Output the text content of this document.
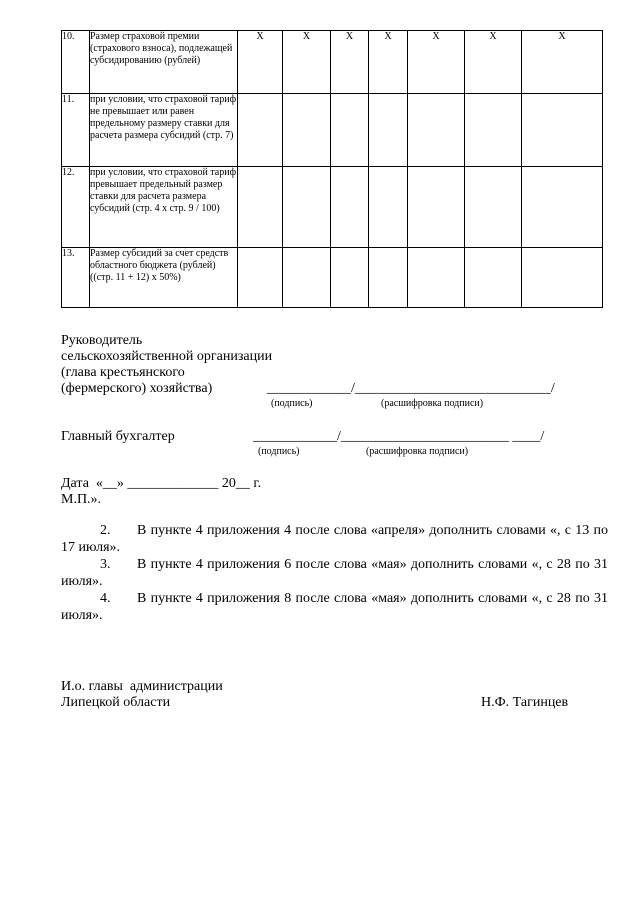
10.	Размер страховой премии (страхового взноса), подлежащей субсидированию (рублей)	Х	Х	Х	Х	Х	Х	Х
11.	при условии, что страховой тариф не превышает или равен предельному размеру ставки для расчета размера субсидий (стр. 7)							
12.	при условии, что страховой тариф превышает предельный размер ставки для расчета размера субсидий (стр. 4 х стр. 9 / 100)							
13.	Размер субсидий за счет средств областного бюджета (рублей) ((стр. 11 + 12) х 50%)							
Руководитель
сельскохозяйственной организации
(глава крестьянского
(фермерского) хозяйства)	____________/____________________________/
(подпись)	(расшифровка подписи)
Главный бухгалтер	____________/________________________ ____/
(подпись)	(расшифровка подписи)
Дата  «__» _____________ 20__ г.
М.П.».
2. В пункте 4 приложения 4 после слова «апреля» дополнить словами «, с 13 по 17 июля».
3. В пункте 4 приложения 6 после слова «мая» дополнить словами «, с 28 по 31 июля».
4. В пункте 4 приложения 8 после слова «мая» дополнить словами «, с 28 по 31 июля».
И.о. главы  администрации
Липецкой области	Н.Ф. Тагинцев
